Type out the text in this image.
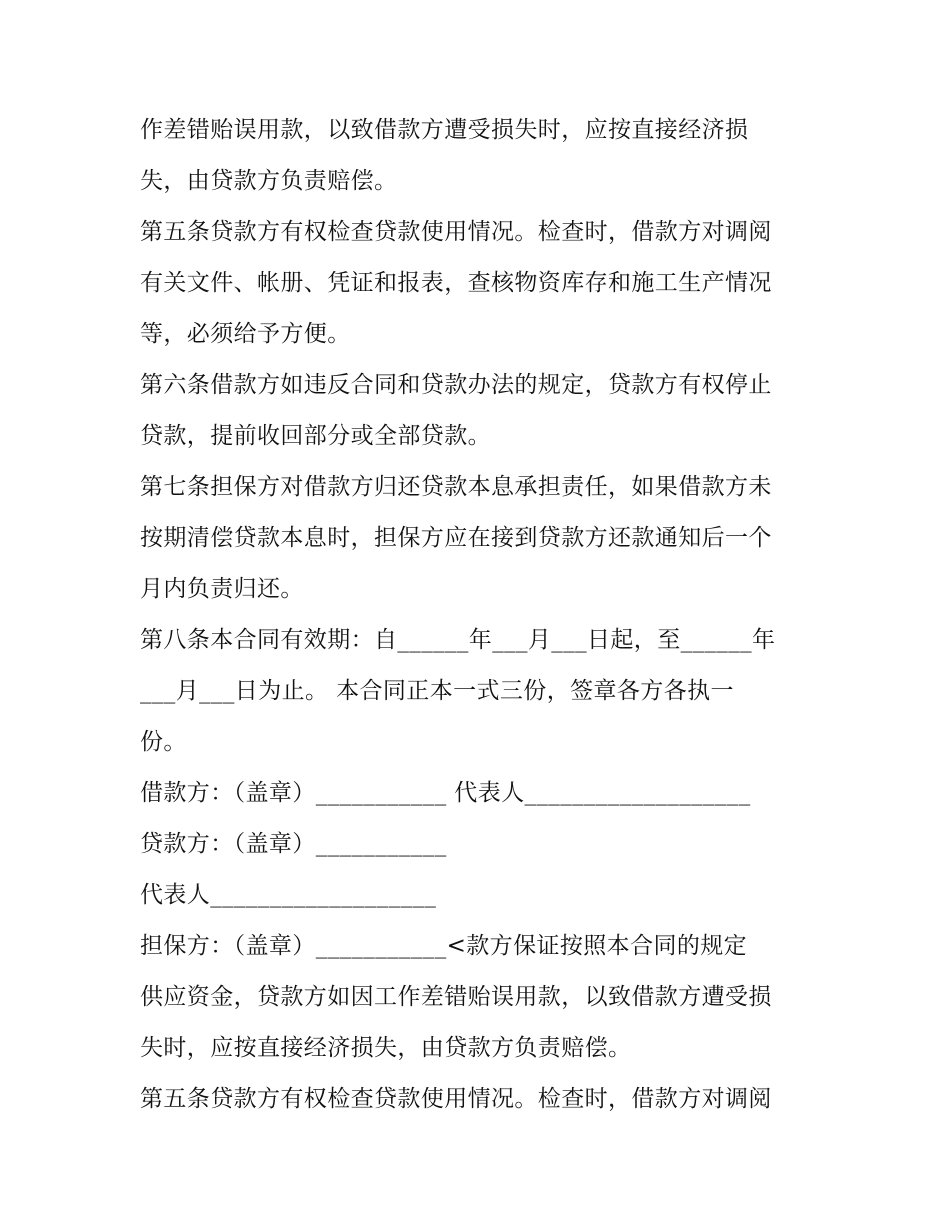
作差错贻误用款，以致借款方遭受损失时，应按直接经济损
失，由贷款方负责赔偿。
第五条贷款方有权检查贷款使用情况。检查时，借款方对调阅
有关文件、帐册、凭证和报表，查核物资库存和施工生产情况
等，必须给予方便。
第六条借款方如违反合同和贷款办法的规定，贷款方有权停止
贷款，提前收回部分或全部贷款。
第七条担保方对借款方归还贷款本息承担责任，如果借款方未
按期清偿贷款本息时，担保方应在接到贷款方还款通知后一个
月内负责归还。
第八条本合同有效期：自______年___月___日起，至______年
___月___日为止。 本合同正本一式三份，签章各方各执一
份。
借款方：（盖章）___________ 代表人___________________
贷款方：（盖章）___________
代表人___________________
担保方：（盖章）___________<款方保证按照本合同的规定
供应资金，贷款方如因工作差错贻误用款，以致借款方遭受损
失时，应按直接经济损失，由贷款方负责赔偿。
第五条贷款方有权检查贷款使用情况。检查时，借款方对调阅
